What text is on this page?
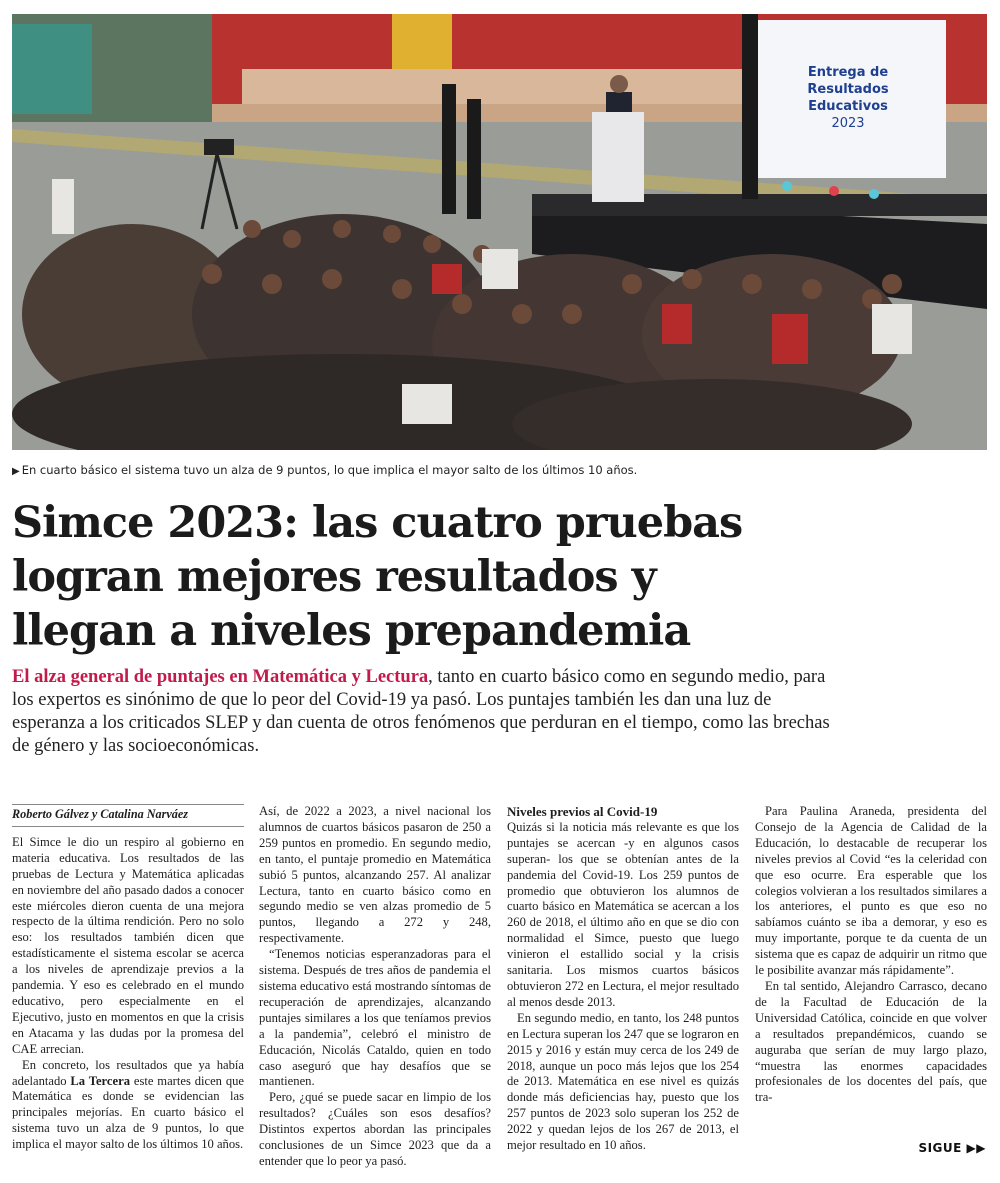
Entrega de
Resultados
Educativos
2023
▶ En cuarto básico el sistema tuvo un alza de 9 puntos, lo que implica el mayor salto de los últimos 10 años.
Simce 2023: las cuatro pruebas
logran mejores resultados y
llegan a niveles prepandemia

El alza general de puntajes en Matemática y Lectura, tanto en cuarto básico como en segundo medio, para los expertos es sinónimo de que lo peor del Covid-19 ya pasó. Los puntajes también les dan una luz de esperanza a los criticados SLEP y dan cuenta de otros fenómenos que perduran en el tiempo, como las brechas de género y las socioeconómicas.

Roberto Gálvez y Catalina Narváez

El Simce le dio un respiro al gobierno en materia educativa. Los resultados de las pruebas de Lectura y Matemática aplicadas en noviembre del año pasado dados a conocer este miércoles dieron cuenta de una mejora respecto de la última rendición. Pero no solo eso: los resultados también dicen que estadísticamente el sistema escolar se acerca a los niveles de aprendizaje previos a la pandemia. Y eso es celebrado en el mundo educativo, pero especialmente en el Ejecutivo, justo en momentos en que la crisis en Atacama y las dudas por la promesa del CAE arrecian.

En concreto, los resultados que ya había adelantado La Tercera este martes dicen que Matemática es donde se evidencian las principales mejorías. En cuarto básico el sistema tuvo un alza de 9 puntos, lo que implica el mayor salto de los últimos 10 años.

Así, de 2022 a 2023, a nivel nacional los alumnos de cuartos básicos pasaron de 250 a 259 puntos en promedio. En segundo medio, en tanto, el puntaje promedio en Matemática subió 5 puntos, alcanzando 257. Al analizar Lectura, tanto en cuarto básico como en segundo medio se ven alzas promedio de 5 puntos, llegando a 272 y 248, respectivamente.

“Tenemos noticias esperanzadoras para el sistema. Después de tres años de pandemia el sistema educativo está mostrando síntomas de recuperación de aprendizajes, alcanzando puntajes similares a los que teníamos previos a la pandemia”, celebró el ministro de Educación, Nicolás Cataldo, quien en todo caso aseguró que hay desafíos que se mantienen.

Pero, ¿qué se puede sacar en limpio de los resultados? ¿Cuáles son esos desafíos? Distintos expertos abordan las principales conclusiones de un Simce 2023 que da a entender que lo peor ya pasó.

Niveles previos al Covid-19

Quizás si la noticia más relevante es que los puntajes se acercan -y en algunos casos superan- los que se obtenían antes de la pandemia del Covid-19. Los 259 puntos de promedio que obtuvieron los alumnos de cuarto básico en Matemática se acercan a los 260 de 2018, el último año en que se dio con normalidad el Simce, puesto que luego vinieron el estallido social y la crisis sanitaria. Los mismos cuartos básicos obtuvieron 272 en Lectura, el mejor resultado al menos desde 2013.

En segundo medio, en tanto, los 248 puntos en Lectura superan los 247 que se lograron en 2015 y 2016 y están muy cerca de los 249 de 2018, aunque un poco más lejos que los 254 de 2013. Matemática en ese nivel es quizás donde más deficiencias hay, puesto que los 257 puntos de 2023 solo superan los 252 de 2022 y quedan lejos de los 267 de 2013, el mejor resultado en 10 años.

Para Paulina Araneda, presidenta del Consejo de la Agencia de Calidad de la Educación, lo destacable de recuperar los niveles previos al Covid “es la celeridad con que eso ocurre. Era esperable que los colegios volvieran a los resultados similares a los anteriores, el punto es que eso no sabíamos cuánto se iba a demorar, y eso es muy importante, porque te da cuenta de un sistema que es capaz de adquirir un ritmo que le posibilite avanzar más rápidamente”.

En tal sentido, Alejandro Carrasco, decano de la Facultad de Educación de la Universidad Católica, coincide en que volver a resultados prepandémicos, cuando se auguraba que serían de muy largo plazo, “muestra las enormes capacidades profesionales de los docentes del país, que tra-

SIGUE ▶▶
